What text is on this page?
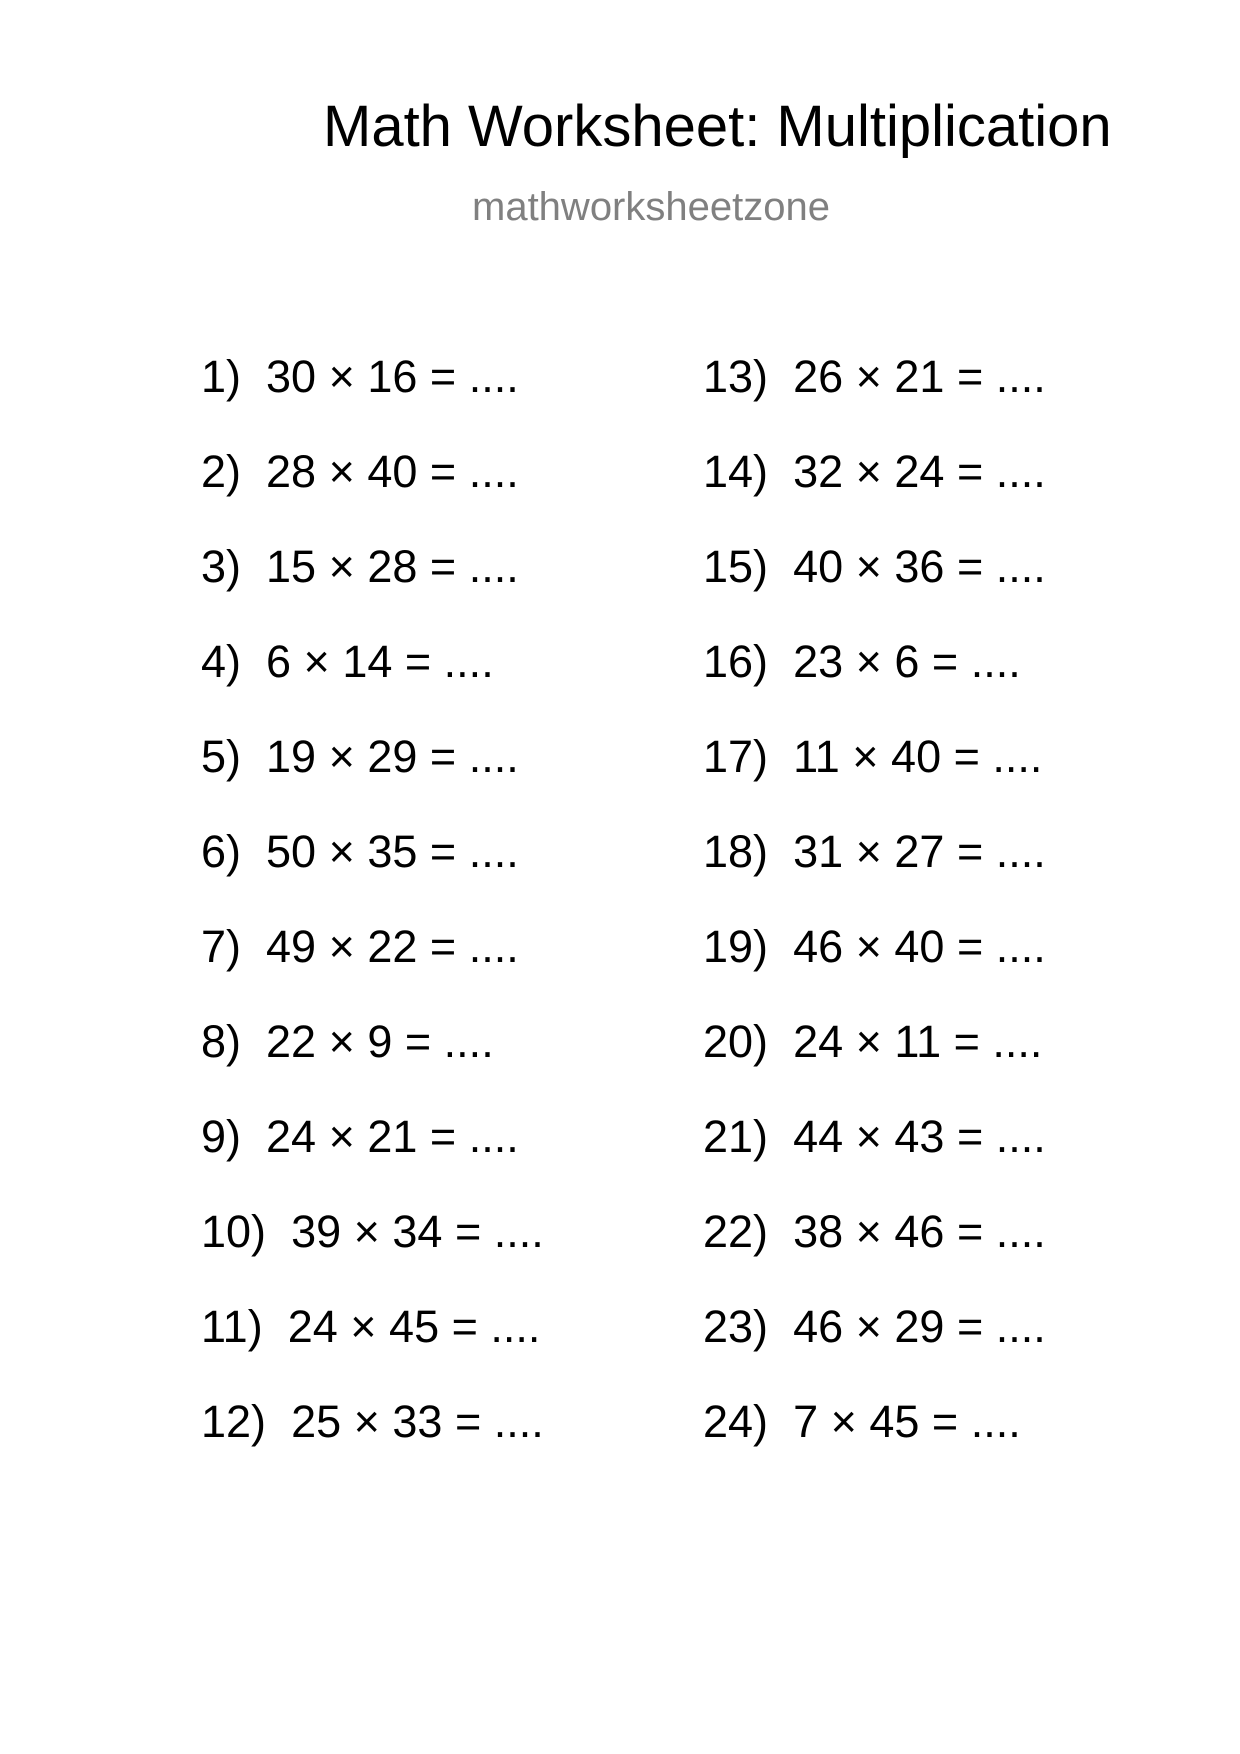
Math Worksheet: Multiplication
mathworksheetzone
1) 30 × 16 = ....
2) 28 × 40 = ....
3) 15 × 28 = ....
4) 6 × 14 = ....
5) 19 × 29 = ....
6) 50 × 35 = ....
7) 49 × 22 = ....
8) 22 × 9 = ....
9) 24 × 21 = ....
10) 39 × 34 = ....
11) 24 × 45 = ....
12) 25 × 33 = ....
13) 26 × 21 = ....
14) 32 × 24 = ....
15) 40 × 36 = ....
16) 23 × 6 = ....
17) 11 × 40 = ....
18) 31 × 27 = ....
19) 46 × 40 = ....
20) 24 × 11 = ....
21) 44 × 43 = ....
22) 38 × 46 = ....
23) 46 × 29 = ....
24) 7 × 45 = ....
